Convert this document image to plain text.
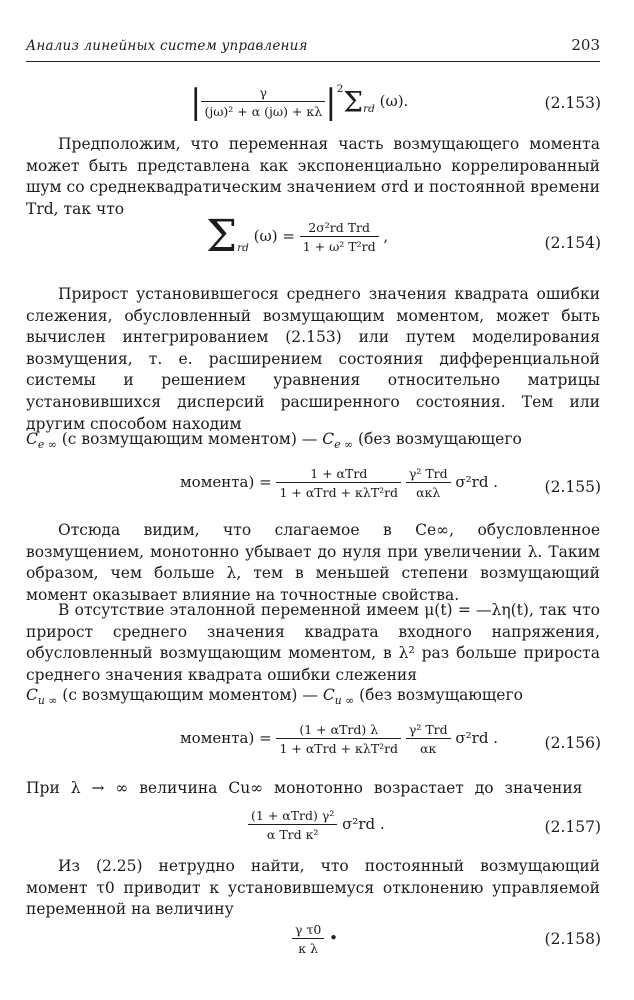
Анализ линейных систем управления	203
| $\frac{\gamma}{\text{(jω)² + α (jω) + κλ}} |^2\Sigma_{rd}$ (ω).	(2.153)
Предположим, что переменная часть возмущающего момента может быть представлена как экспоненциально коррелированный шум со среднеквадратическим значением σrd и постоянной времени Trd, так что
$\Sigma_{rd}$ $(\omega) = \frac{\text{2σ²rd Trd}}{\text{1 + ω² T²rd}}$ ,	(2.154)
Прирост установившегося среднего значения квадрата ошибки слежения, обусловленный возмущающим моментом, может быть вычислен интегрированием (2.153) или путем моделирования возмущения, т. е. расширением состояния дифференциальной системы и решением уравнения относительно матрицы установившихся дисперсий расширенного состояния. Тем или другим способом находим
$C_{e \infty}$ (с возмущающим моментом) — $C_{e \infty}$ (без возмущающего
момента) = $\frac{\text{1 + αTrd}}{\text{1 + αTrd + κλT²rd}}$
$\frac{\text{γ² Trd}}{\text{ακλ}} \sigma^2rd$ .	(2.155)
Отсюда видим, что слагаемое в Ce∞, обусловленное возмущением, монотонно убывает до нуля при увеличении λ. Таким образом, чем больше λ, тем в меньшей степени возмущающий момент оказывает влияние на точностные свойства.
В отсутствие эталонной переменной имеем μ(t) = —λη(t), так что прирост среднего значения квадрата входного напряжения, обусловленный возмущающим моментом, в λ² раз больше прироста среднего значения квадрата ошибки слежения
$C_{u \infty}$ (с возмущающим моментом) — $C_{u \infty}$ (без возмущающего
момента) = $\frac{\text{(1 + αTrd) λ}}{\text{1 + αTrd + κλT²rd}}$
$\frac{\text{γ² Trd}}{\alpha\kappa} \sigma^2rd$ .	(2.156)
При λ → ∞ величина Cu∞ монотонно возрастает до значения
$\frac{\text{(1 + αTrd) γ²}}{\text{α Trd κ²}} \sigma^2rd$ .	(2.157)
Из (2.25) нетрудно найти, что постоянный возмущающий момент τ0 приводит к установившемуся отклонению управляемой переменной на величину
$\frac{\text{γ τ0}}{\text{κ λ}}$ •	(2.158)
